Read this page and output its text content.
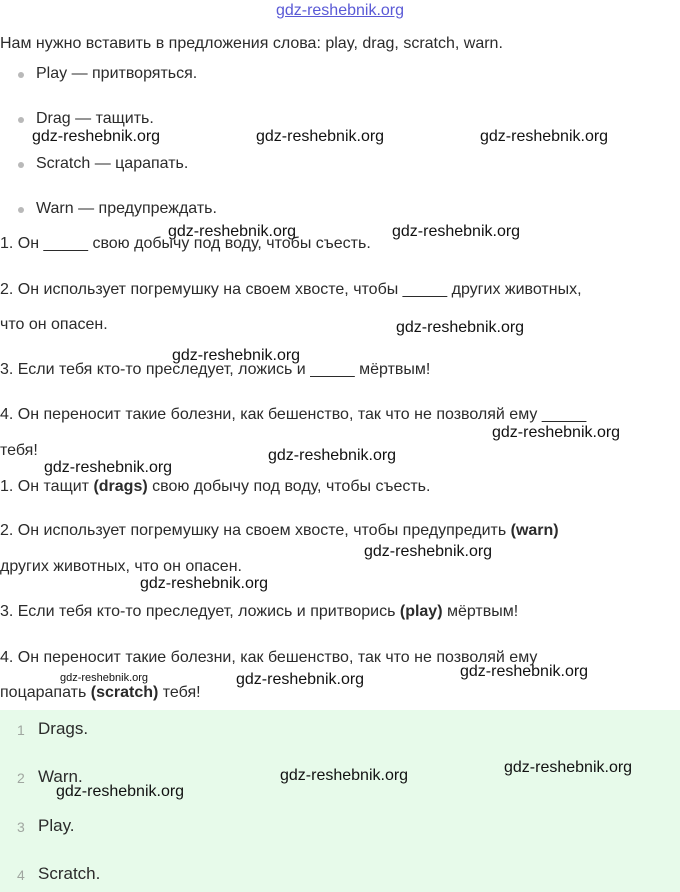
gdz-reshebnik.org
Нам нужно вставить в предложения слова: play, drag, scratch, warn.
Play — притворяться.
Drag — тащить.
Scratch — царапать.
Warn — предупреждать.
1. Он _____ свою добычу под воду, чтобы съесть.
2. Он использует погремушку на своем хвосте, чтобы _____ других животных,
что он опасен.
3. Если тебя кто-то преследует, ложись и _____ мёртвым!
4. Он переносит такие болезни, как бешенство, так что не позволяй ему _____
тебя!
1. Он тащит (drags) свою добычу под воду, чтобы съесть.
2. Он использует погремушку на своем хвосте, чтобы предупредить (warn)
других животных, что он опасен.
3. Если тебя кто-то преследует, ложись и притворись (play) мёртвым!
4. Он переносит такие болезни, как бешенство, так что не позволяй ему
поцарапать (scratch) тебя!
1 Drags.
2 Warn.
3 Play.
4 Scratch.
gdz-reshebnik.org	gdz-reshebnik.org	gdz-reshebnik.org
gdz-reshebnik.org	gdz-reshebnik.org
gdz-reshebnik.org
gdz-reshebnik.org
gdz-reshebnik.org
gdz-reshebnik.org
gdz-reshebnik.org
gdz-reshebnik.org
gdz-reshebnik.org
gdz-reshebnik.org
gdz-reshebnik.org	gdz-reshebnik.org
gdz-reshebnik.org
gdz-reshebnik.org
gdz-reshebnik.org
